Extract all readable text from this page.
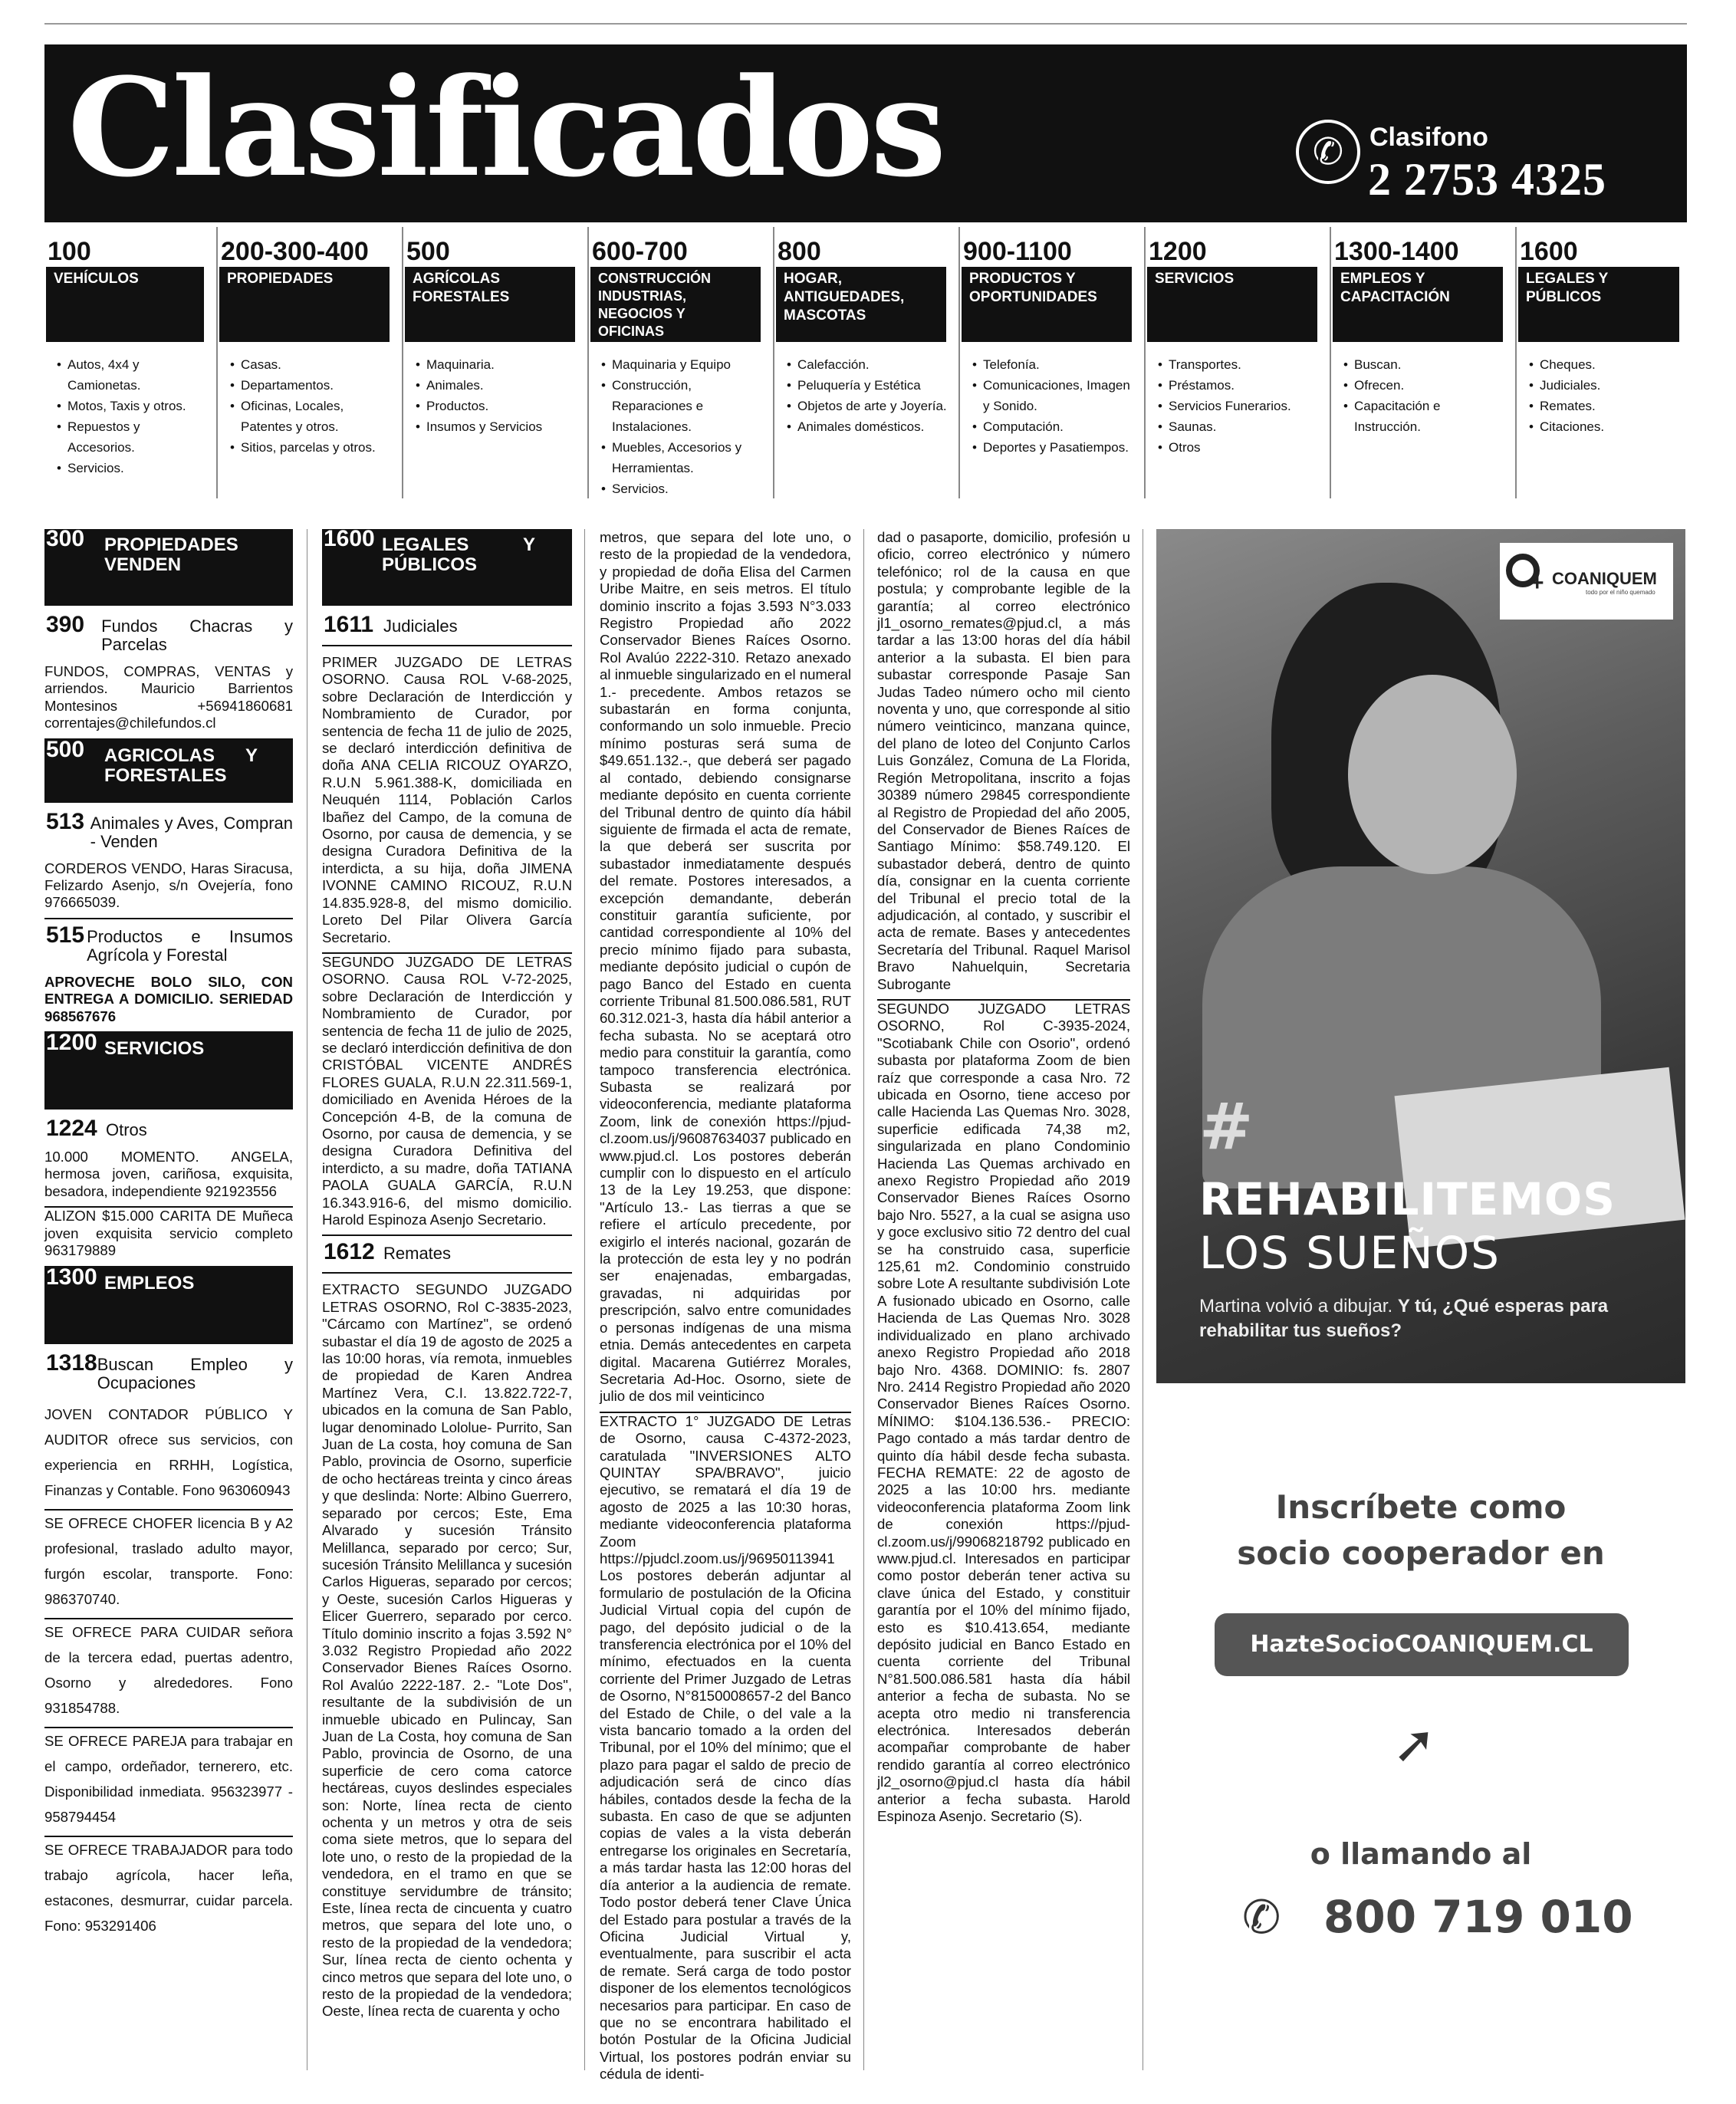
Clasificados	✆ Clasifono
2 2753 4325
100
VEHÍCULOS
• Autos, 4x4 y Camionetas.
• Motos, Taxis y otros.
• Repuestos y Accesorios.
• Servicios.
200-300-400
PROPIEDADES
• Casas.
• Departamentos.
• Oficinas, Locales, Patentes y otros.
• Sitios, parcelas y otros.
500
AGRÍCOLAS FORESTALES
• Maquinaria.
• Animales.
• Productos.
• Insumos y Servicios
600-700
CONSTRUCCIÓN INDUSTRIAS, NEGOCIOS Y OFICINAS
• Maquinaria y Equipo
• Construcción, Reparaciones e Instalaciones.
• Muebles, Accesorios y Herramientas.
• Servicios.
800
HOGAR, ANTIGUEDADES, MASCOTAS
• Calefacción.
• Peluquería y Estética
• Objetos de arte y Joyería.
• Animales domésticos.
900-1100
PRODUCTOS Y OPORTUNIDADES
• Telefonía.
• Comunicaciones, Imagen y Sonido.
• Computación.
• Deportes y Pasatiempos.
1200
SERVICIOS
• Transportes.
• Préstamos.
• Servicios Funerarios.
• Saunas.
• Otros
1300-1400
EMPLEOS Y CAPACITACIÓN
• Buscan.
• Ofrecen.
• Capacitación e Instrucción.
1600
LEGALES Y PÚBLICOS
• Cheques.
• Judiciales.
• Remates.
• Citaciones.
300 PROPIEDADES VENDEN
390	Fundos Chacras y Parcelas

FUNDOS, COMPRAS, VENTAS y arriendos. Mauricio Barrientos Montesinos +56941860681 correntajes@chilefundos.cl

500 AGRICOLAS Y FORESTALES
513 Animales y Aves, Compran - Venden

CORDEROS VENDO, Haras Siracusa, Felizardo Asenjo, s/n Ovejería, fono 976665039.

515 Productos e Insumos Agrícola y Forestal

APROVECHE BOLO SILO, CON ENTREGA A DOMICILIO. SERIEDAD 968567676

1200 SERVICIOS
1224 Otros

10.000 MOMENTO. ANGELA, hermosa joven, cariñosa, exquisita, besadora, independiente 921923556

ALIZON $15.000 CARITA DE Muñeca joven exquisita servicio completo 963179889

1300 EMPLEOS
1318 Buscan Empleo y Ocupaciones

JOVEN CONTADOR PÚBLICO Y AUDITOR ofrece sus servicios, con experiencia en RRHH, Logística, Finanzas y Contable. Fono 963060943

SE OFRECE CHOFER licencia B y A2 profesional, traslado adulto mayor, furgón escolar, transporte. Fono: 986370740.

SE OFRECE PARA CUIDAR señora de la tercera edad, puertas adentro, Osorno y alrededores. Fono 931854788.

SE OFRECE PAREJA para trabajar en el campo, ordeñador, ternerero, etc. Disponibilidad inmediata. 956323977 - 958794454

SE OFRECE TRABAJADOR para todo trabajo agrícola, hacer leña, estacones, desmurrar, cuidar parcela. Fono: 953291406

1600 LEGALES Y PÚBLICOS
1611 Judiciales

PRIMER JUZGADO DE LETRAS OSORNO. Causa ROL V-68-2025, sobre Declaración de Interdicción y Nombramiento de Curador, por sentencia de fecha 11 de julio de 2025, se declaró interdicción definitiva de doña ANA CELIA RICOUZ OYARZO, R.U.N 5.961.388-K, domiciliada en Neuquén 1114, Población Carlos Ibañez del Campo, de la comuna de Osorno, por causa de demencia, y se designa Curadora Definitiva de la interdicta, a su hija, doña JIMENA IVONNE CAMINO RICOUZ, R.U.N 14.835.928-8, del mismo domicilio. Loreto Del Pilar Olivera García Secretario.

SEGUNDO JUZGADO DE LETRAS OSORNO. Causa ROL V-72-2025, sobre Declaración de Interdicción y Nombramiento de Curador, por sentencia de fecha 11 de julio de 2025, se declaró interdicción definitiva de don CRISTÓBAL VICENTE ANDRÉS FLORES GUALA, R.U.N 22.311.569-1, domiciliado en Avenida Héroes de la Concepción 4-B, de la comuna de Osorno, por causa de demencia, y se designa Curadora Definitiva del interdicto, a su madre, doña TATIANA PAOLA GUALA GARCÍA, R.U.N 16.343.916-6, del mismo domicilio. Harold Espinoza Asenjo Secretario.

1612 Remates

EXTRACTO SEGUNDO JUZGADO LETRAS OSORNO, Rol C-3835-2023, "Cárcamo con Martínez", se ordenó subastar el día 19 de agosto de 2025 a las 10:00 horas, vía remota, inmuebles de propiedad de Karen Andrea Martínez Vera, C.I. 13.822.722-7, ubicados en la comuna de San Pablo, lugar denominado Lololue- Purrito, San Juan de La costa, hoy comuna de San Pablo, provincia de Osorno, superficie de ocho hectáreas treinta y cinco áreas y que deslinda: Norte: Albino Guerrero, separado por cercos; Este, Ema Alvarado y sucesión Tránsito Melillanca, separado por cerco; Sur, sucesión Tránsito Melillanca y sucesión Carlos Higueras, separado por cercos; y Oeste, sucesión Carlos Higueras y Elicer Guerrero, separado por cerco. Título dominio inscrito a fojas 3.592 N° 3.032 Registro Propiedad año 2022 Conservador Bienes Raíces Osorno. Rol Avalúo 2222-187. 2.- "Lote Dos", resultante de la subdivisión de un inmueble ubicado en Pulincay, San Juan de La Costa, hoy comuna de San Pablo, provincia de Osorno, de una superficie de cero coma catorce hectáreas, cuyos deslindes especiales son: Norte, línea recta de ciento ochenta y un metros y otra de seis coma siete metros, que lo separa del lote uno, o resto de la propiedad de la vendedora, en el tramo en que se constituye servidumbre de tránsito; Este, línea recta de cincuenta y cuatro metros, que separa del lote uno, o resto de la propiedad de la vendedora; Sur, línea recta de ciento ochenta y cinco metros que separa del lote uno, o resto de la propiedad de la vendedora; Oeste, línea recta de cuarenta y ocho

metros, que separa del lote uno, o resto de la propiedad de la vendedora, y propiedad de doña Elisa del Carmen Uribe Maitre, en seis metros. El título dominio inscrito a fojas 3.593 N°3.033 Registro Propiedad año 2022 Conservador Bienes Raíces Osorno. Rol Avalúo 2222-310. Retazo anexado al inmueble singularizado en el numeral 1.- precedente. Ambos retazos se subastarán en forma conjunta, conformando un solo inmueble. Precio mínimo posturas será suma de $49.651.132.-, que deberá ser pagado al contado, debiendo consignarse mediante depósito en cuenta corriente del Tribunal dentro de quinto día hábil siguiente de firmada el acta de remate, la que deberá ser suscrita por subastador inmediatamente después del remate. Postores interesados, a excepción demandante, deberán constituir garantía suficiente, por cantidad correspondiente al 10% del precio mínimo fijado para subasta, mediante depósito judicial o cupón de pago Banco del Estado en cuenta corriente Tribunal 81.500.086.581, RUT 60.312.021-3, hasta día hábil anterior a fecha subasta. No se aceptará otro medio para constituir la garantía, como tampoco transferencia electrónica. Subasta se realizará por videoconferencia, mediante plataforma Zoom, link de conexión https://pjud-cl.zoom.us/j/96087634037 publicado en www.pjud.cl. Los postores deberán cumplir con lo dispuesto en el artículo 13 de la Ley 19.253, que dispone: "Artículo 13.- Las tierras a que se refiere el artículo precedente, por exigirlo el interés nacional, gozarán de la protección de esta ley y no podrán ser enajenadas, embargadas, gravadas, ni adquiridas por prescripción, salvo entre comunidades o personas indígenas de una misma etnia. Demás antecedentes en carpeta digital. Macarena Gutiérrez Morales, Secretaria Ad-Hoc. Osorno, siete de julio de dos mil veinticinco

EXTRACTO 1° JUZGADO DE Letras de Osorno, causa C-4372-2023, caratulada "INVERSIONES ALTO QUINTAY SPA/BRAVO", juicio ejecutivo, se rematará el día 19 de agosto de 2025 a las 10:30 horas, mediante videoconferencia plataforma Zoom https://pjudcl.zoom.us/j/96950113941 Los postores deberán adjuntar al formulario de postulación de la Oficina Judicial Virtual copia del cupón de pago, del depósito judicial o de la transferencia electrónica por el 10% del mínimo, efectuados en la cuenta corriente del Primer Juzgado de Letras de Osorno, N°8150008657-2 del Banco del Estado de Chile, o del vale a la vista bancario tomado a la orden del Tribunal, por el 10% del mínimo; que el plazo para pagar el saldo de precio de adjudicación será de cinco días hábiles, contados desde la fecha de la subasta. En caso de que se adjunten copias de vales a la vista deberán entregarse los originales en Secretaría, a más tardar hasta las 12:00 horas del día anterior a la audiencia de remate. Todo postor deberá tener Clave Única del Estado para postular a través de la Oficina Judicial Virtual y, eventualmente, para suscribir el acta de remate. Será carga de todo postor disponer de los elementos tecnológicos necesarios para participar. En caso de que no se encontrara habilitado el botón Postular de la Oficina Judicial Virtual, los postores podrán enviar su cédula de identi-

dad o pasaporte, domicilio, profesión u oficio, correo electrónico y número telefónico; rol de la causa en que postula; y comprobante legible de la garantía; al correo electrónico jl1_osorno_remates@pjud.cl, a más tardar a las 13:00 horas del día hábil anterior a la subasta. El bien para subastar corresponde Pasaje San Judas Tadeo número ocho mil ciento noventa y uno, que corresponde al sitio número veinticinco, manzana quince, del plano de loteo del Conjunto Carlos Luis González, Comuna de La Florida, Región Metropolitana, inscrito a fojas 30389 número 29845 correspondiente al Registro de Propiedad del año 2005, del Conservador de Bienes Raíces de Santiago Mínimo: $58.749.120. El subastador deberá, dentro de quinto día, consignar en la cuenta corriente del Tribunal el precio total de la adjudicación, al contado, y suscribir el acta de remate. Bases y antecedentes Secretaría del Tribunal. Raquel Marisol Bravo Nahuelquin, Secretaria Subrogante

SEGUNDO JUZGADO LETRAS OSORNO, Rol C-3935-2024, "Scotiabank Chile con Osorio", ordenó subasta por plataforma Zoom de bien raíz que corresponde a casa Nro. 72 ubicada en Osorno, tiene acceso por calle Hacienda Las Quemas Nro. 3028, superficie edificada 74,38 m2, singularizada en plano Condominio Hacienda Las Quemas archivado en anexo Registro Propiedad año 2019 Conservador Bienes Raíces Osorno bajo Nro. 5527, a la cual se asigna uso y goce exclusivo sitio 72 dentro del cual se ha construido casa, superficie 125,61 m2. Condominio construido sobre Lote A resultante subdivisión Lote A fusionado ubicado en Osorno, calle Hacienda de Las Quemas Nro. 3028 individualizado en plano archivado anexo Registro Propiedad año 2018 bajo Nro. 4368. DOMINIO: fs. 2807 Nro. 2414 Registro Propiedad año 2020 Conservador Bienes Raíces Osorno. MÍNIMO: $104.136.536.- PRECIO: Pago contado a más tardar dentro de quinto día hábil desde fecha subasta. FECHA REMATE: 22 de agosto de 2025 a las 10:00 hrs. mediante videoconferencia plataforma Zoom link de conexión https://pjud-cl.zoom.us/j/99068218792 publicado en www.pjud.cl. Interesados en participar como postor deberán tener activa su clave única del Estado, y constituir garantía por el 10% del mínimo fijado, esto es $10.413.654, mediante depósito judicial en Banco Estado en cuenta corriente del Tribunal N°81.500.086.581 hasta día hábil anterior a fecha de subasta. No se acepta otro medio ni transferencia electrónica. Interesados deberán acompañar comprobante de haber rendido garantía al correo electrónico jl2_osorno@pjud.cl hasta día hábil anterior a fecha subasta. Harold Espinoza Asenjo. Secretario (S).

+ COANIQUEM
todo por el niño quemado
#
REHABILITEMOS
LOS SUEÑOS
Martina volvió a dibujar. Y tú, ¿Qué esperas para rehabilitar tus sueños?
Inscríbete como socio cooperador en
HazteSocioCOANIQUEM.CL
➚
o llamando al
✆ 800 719 010
